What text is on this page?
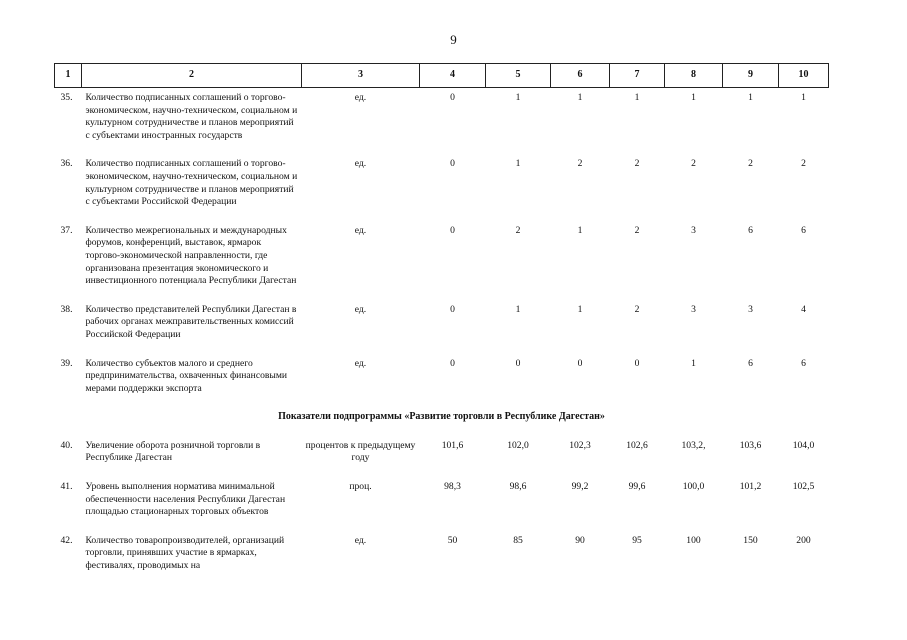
9
1	2	3	4	5	6	7	8	9	10
35.	Количество подписанных соглашений о торгово-экономическом, научно-техническом, социальном и культурном сотрудничестве и планов мероприятий с субъектами иностранных государств	ед.	0	1	1	1	1	1	1
36.	Количество подписанных соглашений о торгово-экономическом, научно-техническом, социальном и культурном сотрудничестве и планов мероприятий с субъектами Российской Федерации	ед.	0	1	2	2	2	2	2
37.	Количество межрегиональных и международных форумов, конференций, выставок, ярмарок торгово-экономической направленности, где организована презентация экономического и инвестиционного потенциала Республики Дагестан	ед.	0	2	1	2	3	6	6
38.	Количество представителей Республики Дагестан в рабочих органах межправительственных комиссий Российской Федерации	ед.	0	1	1	2	3	3	4
39.	Количество субъектов малого и среднего предпринимательства, охваченных финансовыми мерами поддержки экспорта	ед.	0	0	0	0	1	6	6
Показатели подпрограммы «Развитие торговли в Республике Дагестан»									
40.	Увеличение оборота розничной торговли в Республике Дагестан	процентов к предыдущему году	101,6	102,0	102,3	102,6	103,2,	103,6	104,0
41.	Уровень выполнения норматива минимальной обеспеченности населения Республики Дагестан площадью стационарных торговых объектов	проц.	98,3	98,6	99,2	99,6	100,0	101,2	102,5
42.	Количество товаропроизводителей, организаций торговли, принявших участие в ярмарках, фестивалях, проводимых на	ед.	50	85	90	95	100	150	200
